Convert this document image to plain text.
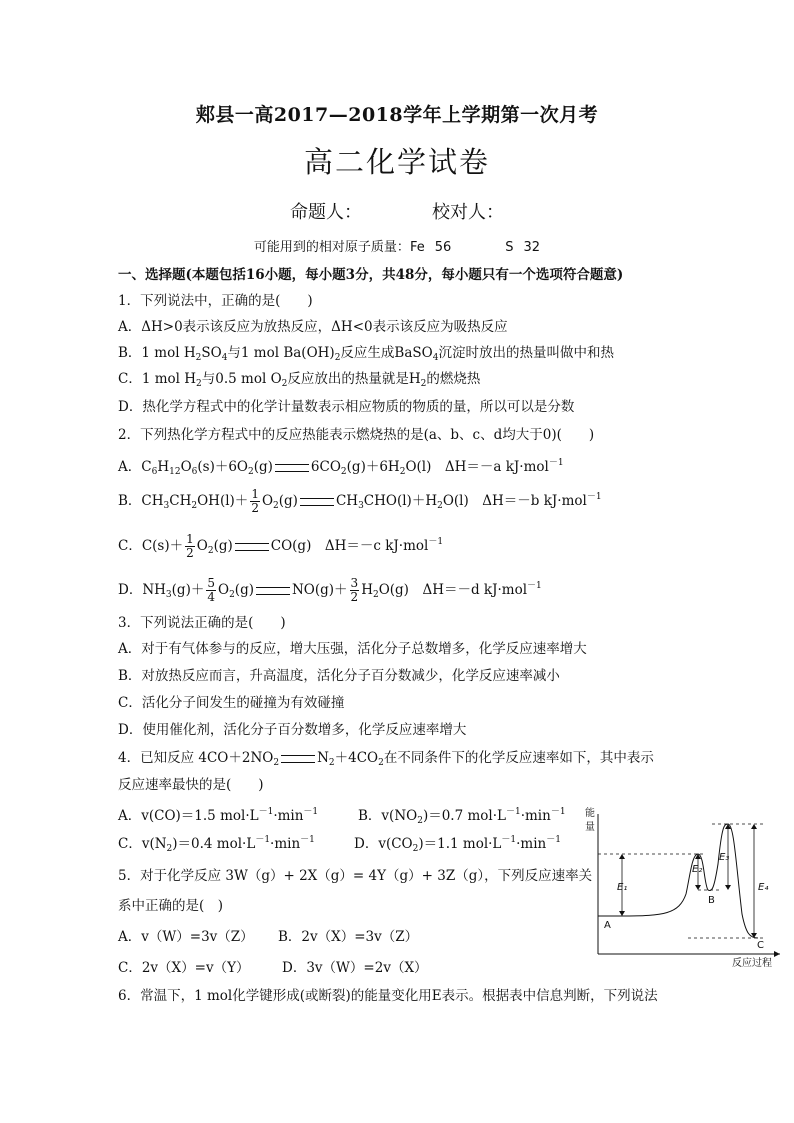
郏县一高2017—2018学年上学期第一次月考
高二化学试卷
命题人：	校对人：
可能用到的相对原子质量：Fe 56	S 32
一、选择题(本题包括16小题，每小题3分，共48分，每小题只有一个选项符合题意)
1．下列说法中，正确的是(　　)
A．ΔH>0表示该反应为放热反应，ΔH<0表示该反应为吸热反应
B．1 mol $H_2SO_4$与1 mol $Ba(OH)_2$反应生成BaSO$_4$沉淀时放出的热量叫做中和热
C．1 mol $H_2$与0.5 mol $O_2$反应放出的热量就是$H_2$的燃烧热
D．热化学方程式中的化学计量数表示相应物质的物质的量，所以可以是分数
2．下列热化学方程式中的反应热能表示燃烧热的是(a、b、c、d均大于0)(　　)
A．$C_6H_{12}O_6(s)+6O_2(g)$	$6CO_2(g)+6H_2O(l)$　ΔH＝－a kJ·mol$^{-1}$
B．$CH_3CH_2OH(l)+ \frac{1}{2} O_2(g)$	$CH_3CHO(l)+H_2O(l)$　ΔH＝－b kJ·mol$^{-1}$
C．$C(s)+ \frac{1}{2} O_2(g)$	CO(g)　ΔH＝－c kJ·mol$^{-1}$
D．$NH_3(g)+ \frac{5}{4} O_2(g)$	$NO(g)+ \frac{3}{2} H_2O(g)$　ΔH＝－d kJ·mol$^{-1}$
3．下列说法正确的是(　　)
A．对于有气体参与的反应，增大压强，活化分子总数增多，化学反应速率增大
B．对放热反应而言，升高温度，活化分子百分数减少，化学反应速率减小
C．活化分子间发生的碰撞为有效碰撞
D．使用催化剂，活化分子百分数增多，化学反应速率增大
4．已知反应 $4CO+2NO_2$	$N_2+4CO_2$在不同条件下的化学反应速率如下，其中表示
反应速率最快的是(　　)
A．v(CO)＝1.5 $mol\cdot L^{-1}\cdot\min^{-1}$	B．$v(NO_2)=0.7$ $mol\cdot L^{-1}\cdot\min^{-1}$
C．$v(N_2)=0.4$ $mol\cdot L^{-1}\cdot\min^{-1}$	D．$v(CO_2)=1.1$ $mol\cdot L^{-1}\cdot\min^{-1}$
5．对于化学反应 3W（g）+ 2X（g）= 4Y（g）+ 3Z（g），下列反应速率关
系中正确的是(　)
A．v（W）=3v（Z） B．2v（X）=3v（Z）
C．2v（X）=v（Y） D．3v（W）=2v（X）
6．常温下，1 mol化学键形成(或断裂)的能量变化用E表示。根据表中信息判断，下列说法
能
量
反应过程
A
B
C
E₁
E₂
E₃
E₄
